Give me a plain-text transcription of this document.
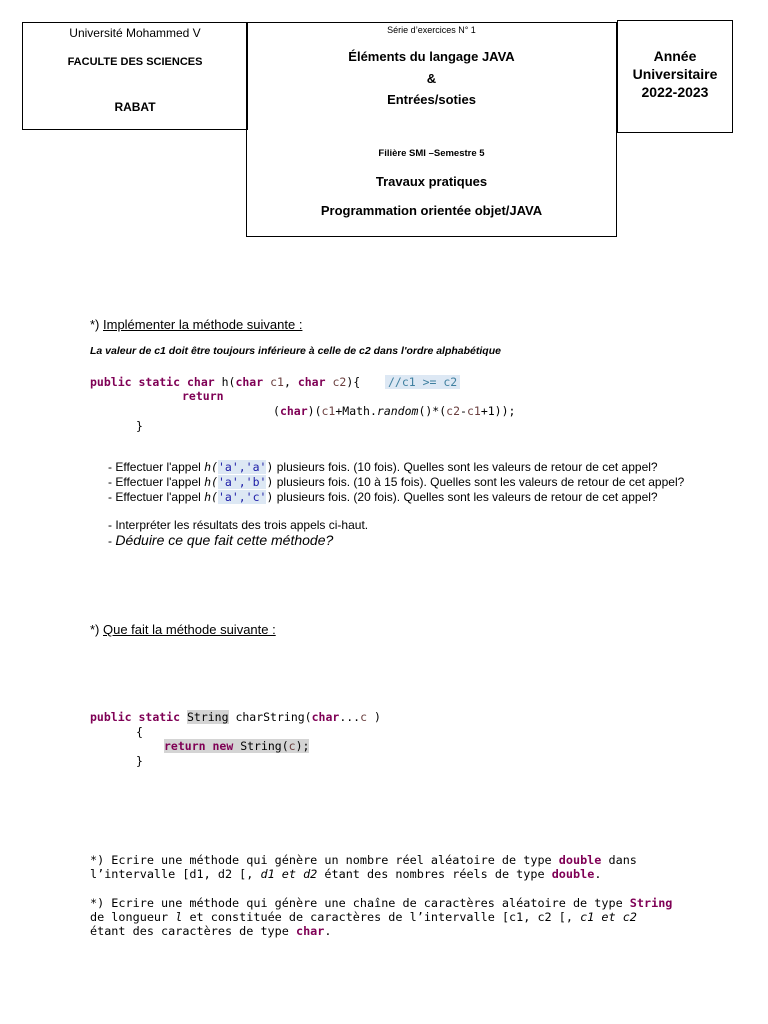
Université Mohammed V
FACULTE DES SCIENCES
RABAT
Série d’exercices N° 1
Éléments du langage JAVA
&
Entrées/soties
Filière SMI –Semestre 5
Travaux pratiques
Programmation orientée objet/JAVA
Année
Universitaire
2022-2023
*) Implémenter la méthode suivante :
La valeur de c1 doit être toujours inférieure à celle de c2 dans l'ordre alphabétique
public static char h(char c1, char c2){ //c1 >= c2
return
(char)(c1+Math.random()*(c2-c1+1));
}
- Effectuer l'appel h('a','a') plusieurs fois. (10 fois). Quelles sont les valeurs de retour de cet appel?
- Effectuer l'appel h('a','b') plusieurs fois. (10 à 15 fois). Quelles sont les valeurs de retour de cet appel?
- Effectuer l'appel h('a','c') plusieurs fois. (20 fois). Quelles sont les valeurs de retour de cet appel?
- Interpréter les résultats des trois appels ci-haut.
- Déduire ce que fait cette méthode?
*) Que fait la méthode suivante :
public static String charString(char...c )
{
return new String(c);
}
*) Ecrire une méthode qui génère un nombre réel aléatoire de type double dans
l’intervalle [d1, d2 [, d1 et d2 étant des nombres réels de type double.
*) Ecrire une méthode qui génère une chaîne de caractères aléatoire de type String
de longueur l et constituée de caractères de l’intervalle [c1, c2 [, c1 et c2
étant des caractères de type char.
